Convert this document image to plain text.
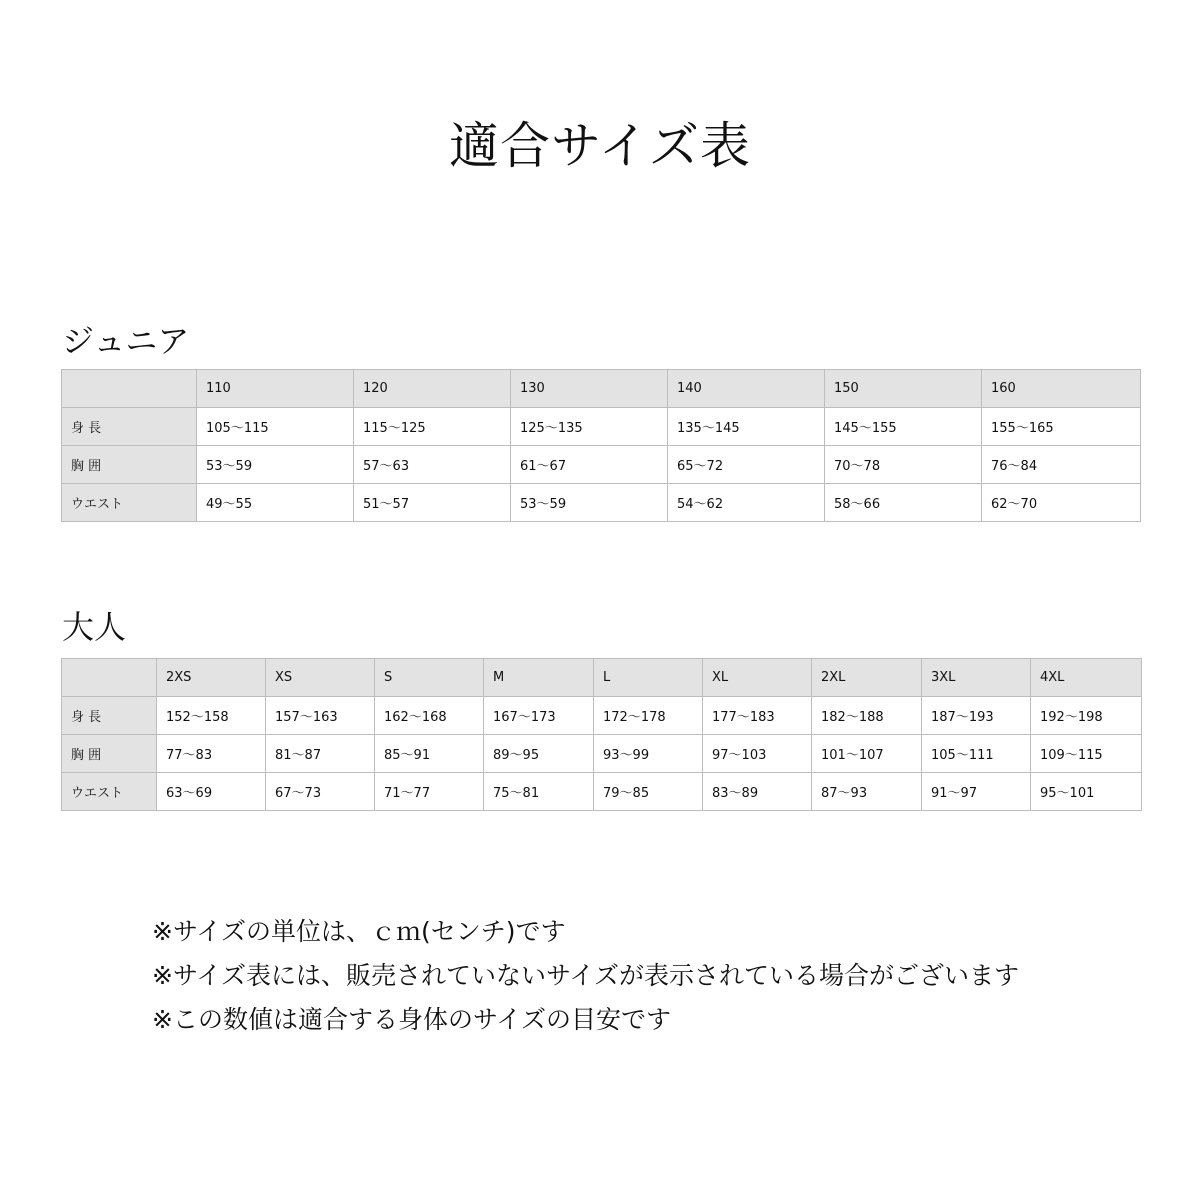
適合サイズ表
ジュニア
	110	120	130	140	150	160
身 長	105～115	115～125	125～135	135～145	145～155	155～165
胸 囲	53～59	57～63	61～67	65～72	70～78	76～84
ウエスト	49～55	51～57	53～59	54～62	58～66	62～70
大人
	2XS	XS	S	M	L	XL	2XL	3XL	4XL
身 長	152～158	157～163	162～168	167～173	172～178	177～183	182～188	187～193	192～198
胸 囲	77～83	81～87	85～91	89～95	93～99	97～103	101～107	105～111	109～115
ウエスト	63～69	67～73	71～77	75～81	79～85	83～89	87～93	91～97	95～101
※サイズの単位は、ｃｍ(センチ)です
※サイズ表には、販売されていないサイズが表示されている場合がございます
※この数値は適合する身体のサイズの目安です
